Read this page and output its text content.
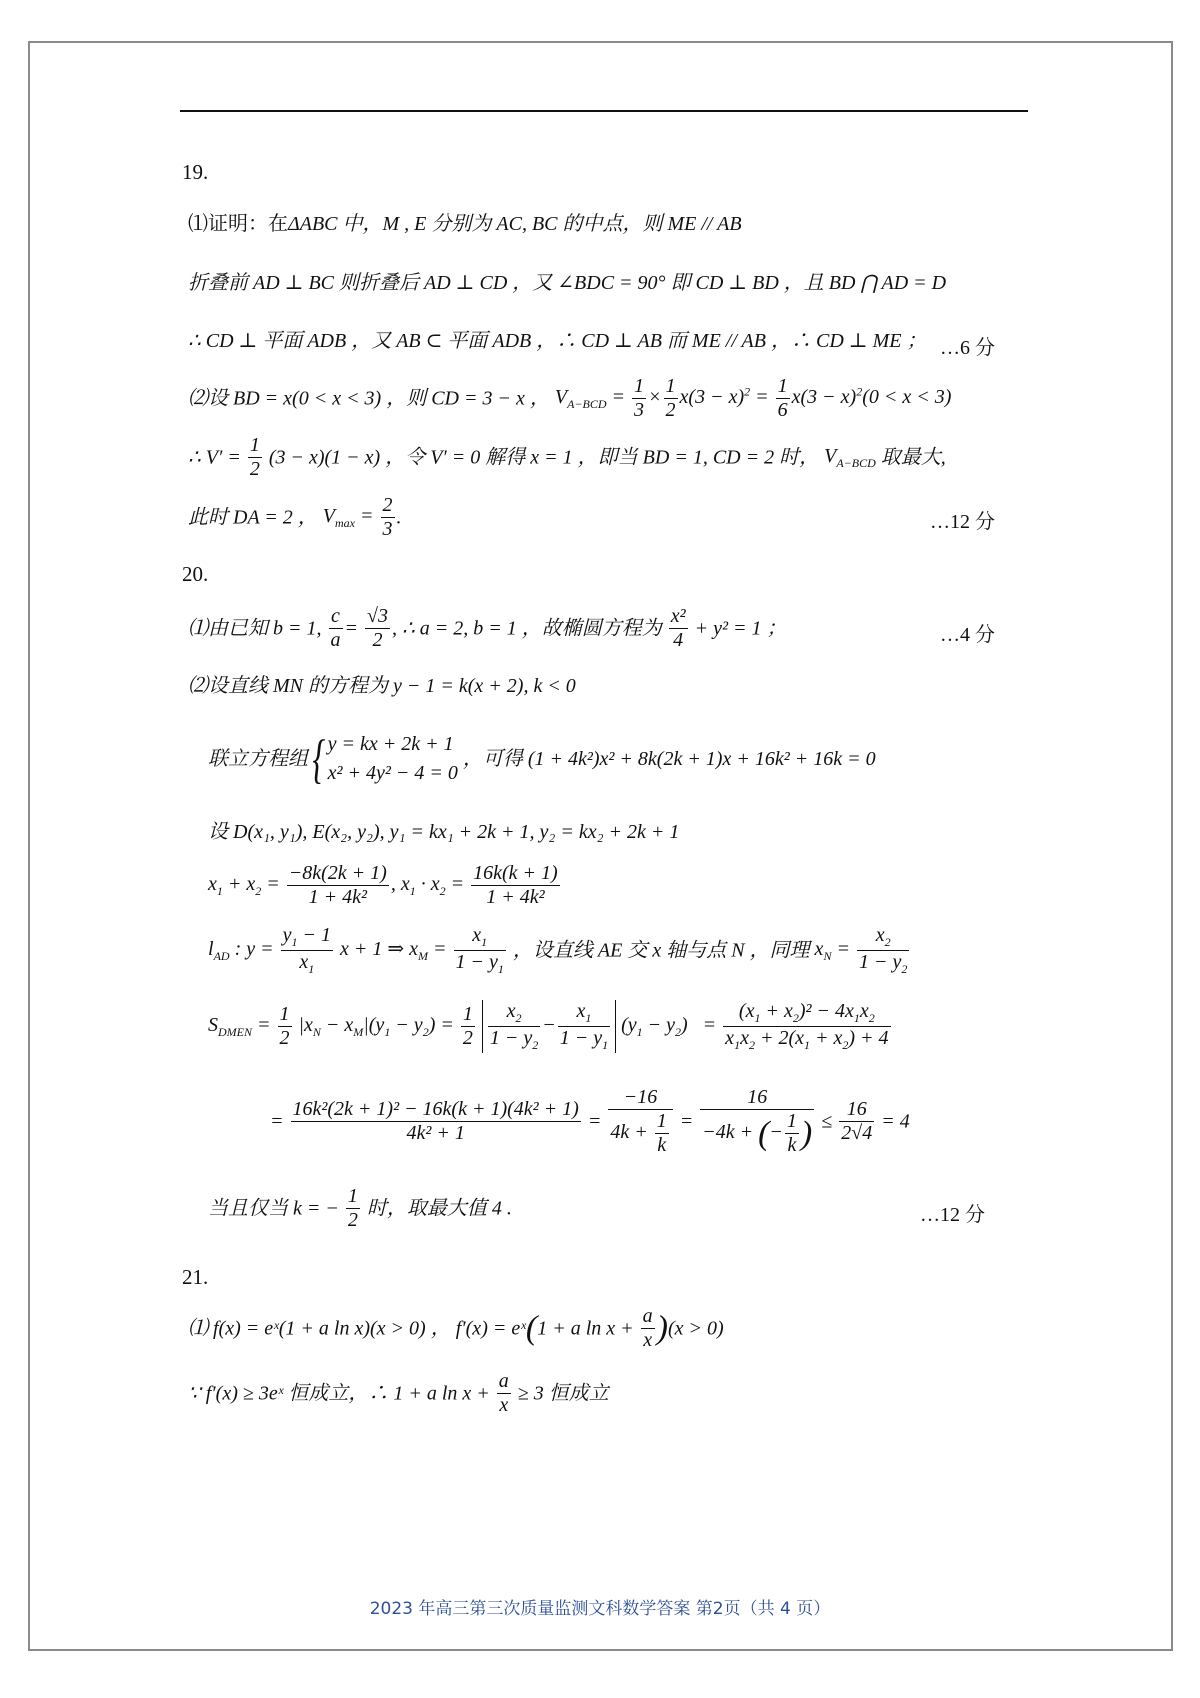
19.
⑴证明：在ΔABC 中，M , E 分别为 AC, BC 的中点，则 ME // AB
折叠前 AD ⊥ BC 则折叠后 AD ⊥ CD ，又 ∠BDC = 90° 即 CD ⊥ BD ，且 BD ⋂ AD = D
∴ CD ⊥ 平面 ADB ，又 AB ⊂ 平面 ADB ，∴ CD ⊥ AB 而 ME // AB ，∴ CD ⊥ ME ； …6 分
⑵设 BD = x(0 < x < 3) ，则 CD = 3 − x ， $V_{A-BCD} = \frac{1}{3} \times \frac{1}{2} x(3 - x)^2 = \frac{1}{6} x(3 - x)^2(0 < x < 3)$
∴ $V' = \frac{1}{2} (3 - x)(1 - x)$ ，令 V′ = 0 解得 x = 1 ，即当 BD = 1, CD = 2 时， $V_{A-BCD}$ 取最大,
此时 DA = 2 ， $V_{max} = \frac{2}{3}$ .	…12 分
20.
⑴由已知 b = 1, $\frac{c}{a} = \frac{√3}{2}$ , ∴ a = 2, b = 1 ，故椭圆方程为 $\frac{\text{x²}}{4} + y^2 = 1$ ；	…4 分
⑵设直线 MN 的方程为 y − 1 = k(x + 2), k < 0
联立方程组{ y = kx + 2k + 1
x² + 4y² − 4 = 0
，可得 (1 + 4k²)x² + 8k(2k + 1)x + 16k² + 16k = 0
设 D(x₁, y₁), E(x₂, y₂), y₁ = kx₁ + 2k + 1, y₂ = kx₂ + 2k + 1
$x_1 + x_2 = \frac{-8k(2k + 1)}{\text{1 + 4k²}}$ , $x_1 \cdot x_2 = \frac{16k(k + 1)}{\text{1 + 4k²}}$
$l_{AD}$ : $y = \frac{y_1 - 1}{x_1}$ x + 1 ⇒ $x_M = \frac{x_1}{1 - y_1}$ ，设直线 AE 交 x 轴与点 N ，同理 $x_N = \frac{x_2}{1 - y_2}$
$S_{DMEN} = \frac{1}{2} |x_N - x_M|(y_1 - y_2) = \frac{1}{2}$
$\frac{x_2}{1 - y_2} - \frac{x_1}{1 - y_1} (y_1 - y_2) = \frac{(x_1 + x_2)^2 - 4x_1x_2}{x_1x_2 + 2(x_1 + x_2) + 4}$
= $\frac{\text{16k²(2k + 1)² − 16k(k + 1)(4k² + 1)}}{\text{4k² + 1}} = \frac{-16}{4k + \frac{1}{k}} = \frac{16}{-4k + (- \frac{1}{k} )} \le \frac{16}{2√4} = 4$
当且仅当 k = − $\frac{1}{2}$ 时，取最大值 4 .	…12 分
21.
⑴ f(x) = eˣ(1 + a ln x)(x > 0) ， f′(x) = eˣ(1 + a $\ln x + \frac{a}{x} )(x > 0)$
∵ f′(x) ≥ 3eˣ 恒成立，∴ 1 + a $\ln x + \frac{a}{x} \ge 3$ 恒成立
2023 年高三第三次质量监测文科数学答案 第2页（共 4 页）
